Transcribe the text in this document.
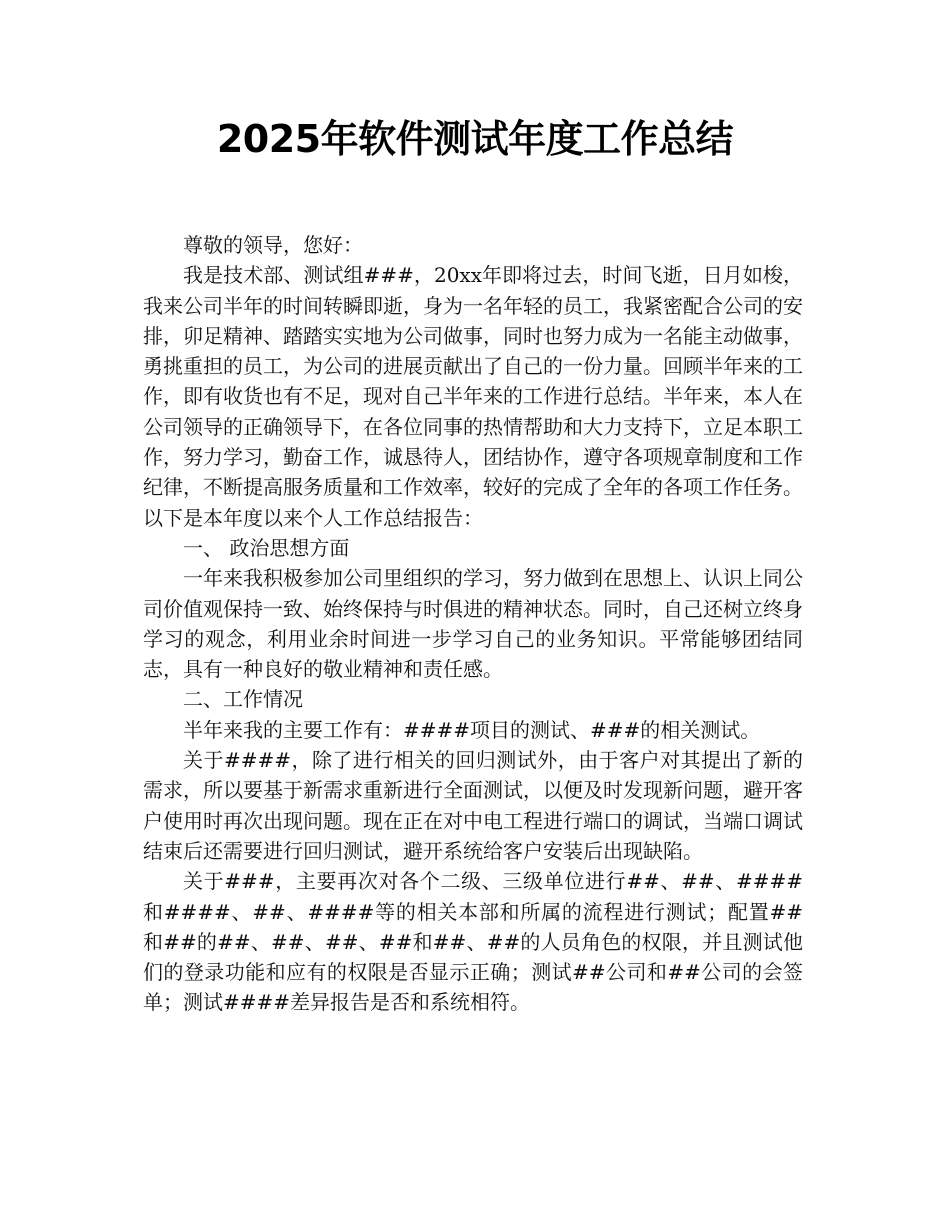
2025年软件测试年度工作总结

尊敬的领导，您好：

我是技术部、测试组###，20xx年即将过去，时间飞逝，日月如梭，我来公司半年的时间转瞬即逝，身为一名年轻的员工，我紧密配合公司的安排，卯足精神、踏踏实实地为公司做事，同时也努力成为一名能主动做事，勇挑重担的员工，为公司的进展贡献出了自己的一份力量。回顾半年来的工作，即有收货也有不足，现对自己半年来的工作进行总结。半年来，本人在公司领导的正确领导下，在各位同事的热情帮助和大力支持下，立足本职工作，努力学习，勤奋工作，诚恳待人，团结协作，遵守各项规章制度和工作纪律，不断提高服务质量和工作效率，较好的完成了全年的各项工作任务。以下是本年度以来个人工作总结报告：

一、 政治思想方面

一年来我积极参加公司里组织的学习，努力做到在思想上、认识上同公司价值观保持一致、始终保持与时俱进的精神状态。同时，自己还树立终身学习的观念，利用业余时间进一步学习自己的业务知识。平常能够团结同志，具有一种良好的敬业精神和责任感。

二、工作情况

半年来我的主要工作有：####项目的测试、###的相关测试。

关于####，除了进行相关的回归测试外，由于客户对其提出了新的需求，所以要基于新需求重新进行全面测试，以便及时发现新问题，避开客户使用时再次出现问题。现在正在对中电工程进行端口的调试，当端口调试结束后还需要进行回归测试，避开系统给客户安装后出现缺陷。

关于###，主要再次对各个二级、三级单位进行##、##、####和####、##、####等的相关本部和所属的流程进行测试；配置##和##的##、##、##、##和##、##的人员角色的权限，并且测试他们的登录功能和应有的权限是否显示正确；测试##公司和##公司的会签单；测试####差异报告是否和系统相符。
